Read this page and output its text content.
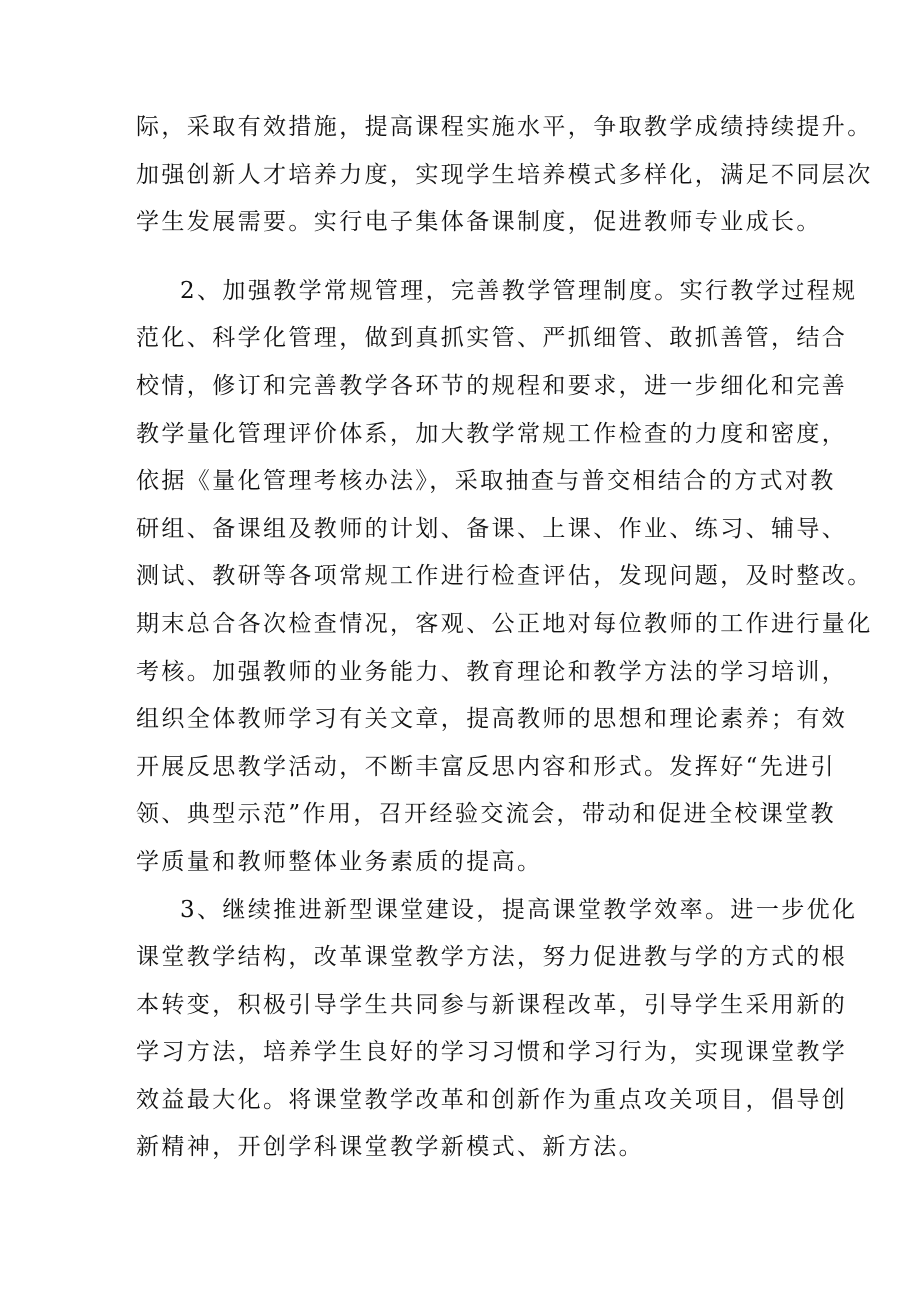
际，采取有效措施，提高课程实施水平，争取教学成绩持续提升。
加强创新人才培养力度，实现学生培养模式多样化，满足不同层次
学生发展需要。实行电子集体备课制度，促进教师专业成长。
2、加强教学常规管理，完善教学管理制度。实行教学过程规
范化、科学化管理，做到真抓实管、严抓细管、敢抓善管，结合
校情，修订和完善教学各环节的规程和要求，进一步细化和完善
教学量化管理评价体系，加大教学常规工作检查的力度和密度，
依据《量化管理考核办法》，采取抽查与普交相结合的方式对教
研组、备课组及教师的计划、备课、上课、作业、练习、辅导、
测试、教研等各项常规工作进行检查评估，发现问题，及时整改。
期末总合各次检查情况，客观、公正地对每位教师的工作进行量化
考核。加强教师的业务能力、教育理论和教学方法的学习培训，
组织全体教师学习有关文章，提高教师的思想和理论素养；有效
开展反思教学活动，不断丰富反思内容和形式。发挥好“先进引
领、典型示范”作用，召开经验交流会，带动和促进全校课堂教
学质量和教师整体业务素质的提高。
3、继续推进新型课堂建设，提高课堂教学效率。进一步优化
课堂教学结构，改革课堂教学方法，努力促进教与学的方式的根
本转变，积极引导学生共同参与新课程改革，引导学生采用新的
学习方法，培养学生良好的学习习惯和学习行为，实现课堂教学
效益最大化。将课堂教学改革和创新作为重点攻关项目，倡导创
新精神，开创学科课堂教学新模式、新方法。
